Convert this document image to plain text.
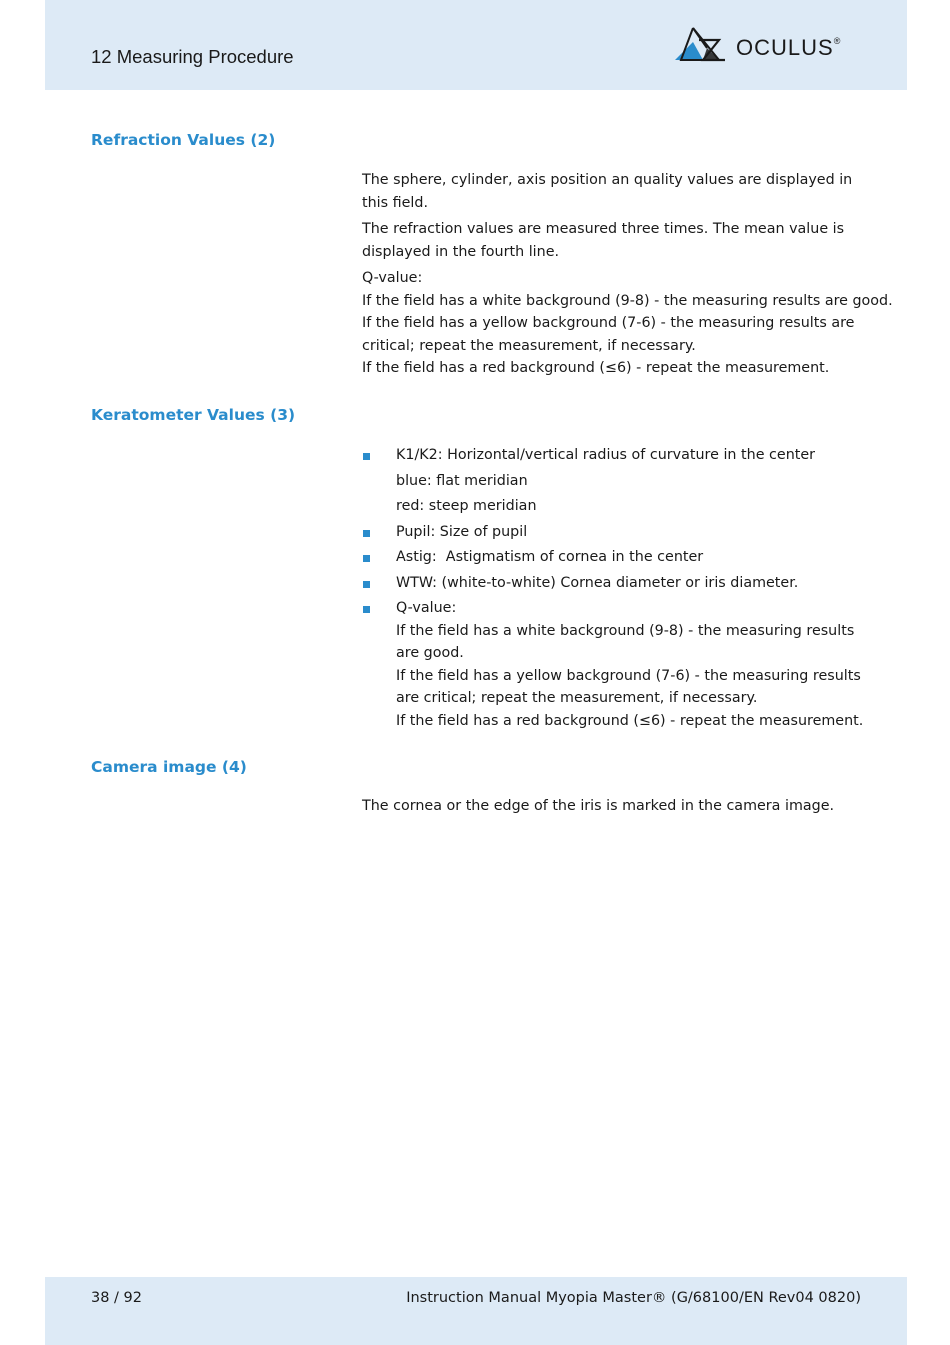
12 Measuring Procedure	OCULUS®
Refraction Values (2)

The sphere, cylinder, axis position an quality values are displayed in this field.

The refraction values are measured three times. The mean value is displayed in the fourth line.

Q-value:

If the field has a white background (9-8) - the measuring results are good.

If the field has a yellow background (7-6) - the measuring results are critical; repeat the measurement, if necessary.

If the field has a red background (≤6) - repeat the measurement.

Keratometer Values (3)
K1/K2: Horizontal/vertical radius of curvature in the center
blue: flat meridian
red: steep meridian
Pupil: Size of pupil
Astig:  Astigmatism of cornea in the center
WTW: (white-to-white) Cornea diameter or iris diameter.

Q-value:

If the field has a white background (9-8) - the measuring results are good.

If the field has a yellow background (7-6) - the measuring results are critical; repeat the measurement, if necessary.

If the field has a red background (≤6) - repeat the measurement.

Camera image (4)

The cornea or the edge of the iris is marked in the camera image.

38 / 92	Instruction Manual Myopia Master® (G/68100/EN Rev04 0820)
